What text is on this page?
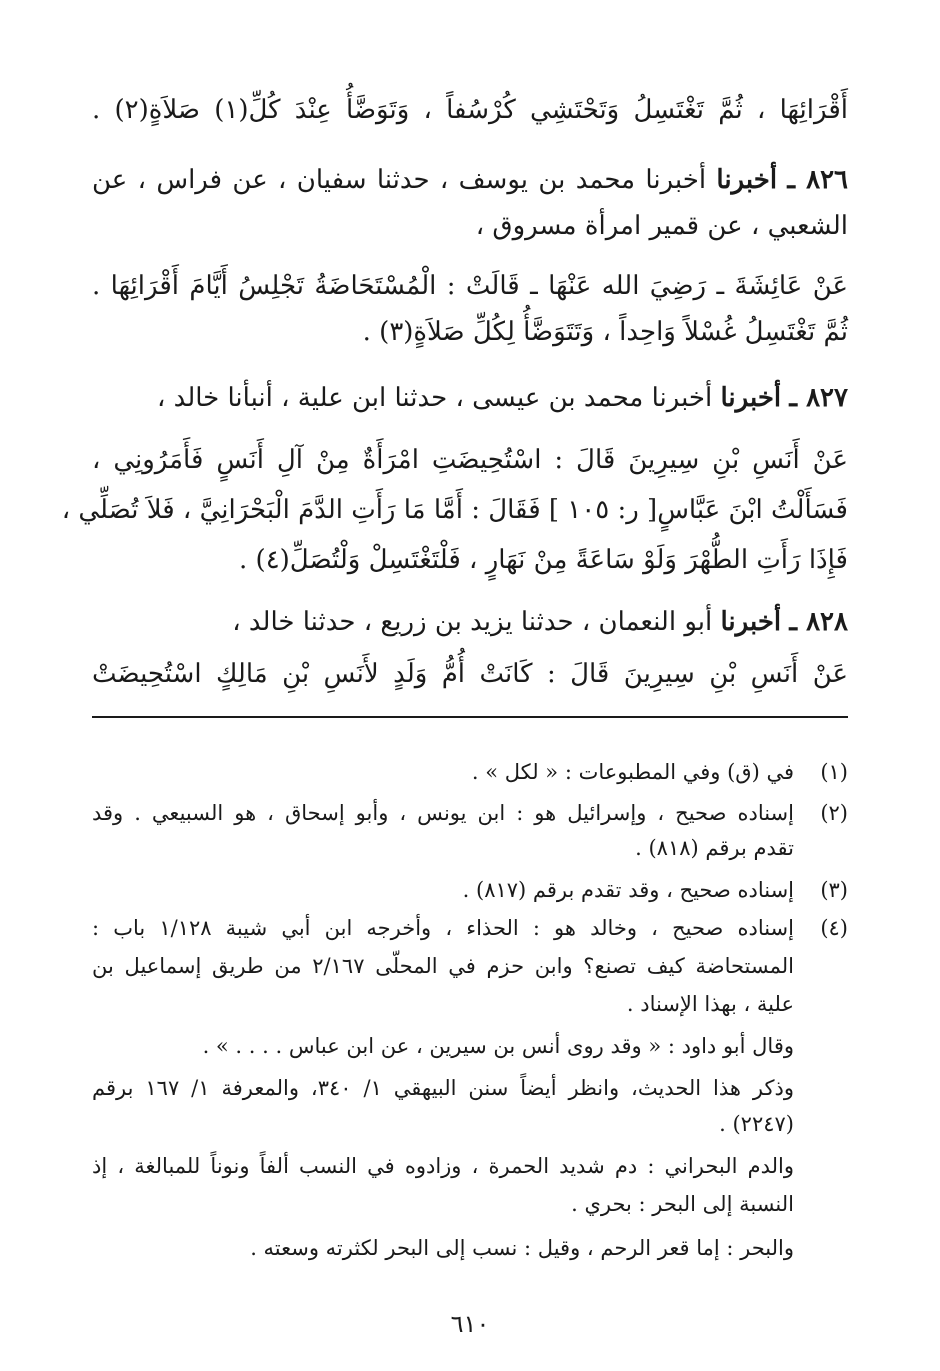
أَقْرَائِهَا ، ثُمَّ تَغْتَسِلُ وَتَحْتَشِي كُرْسُفاً ، وَتَوَضَّأُ عِنْدَ كُلِّ(١) صَلاَةٍ(٢) .
٨٢٦ ـ أخبرنا أخبرنا محمد بن يوسف ، حدثنا سفيان ، عن فراس ، عن
الشعبي ، عن قمير امرأة مسروق ،
عَنْ عَائِشَةَ ـ رَضِيَ الله عَنْهَا ـ قَالَتْ : الْمُسْتَحَاضَةُ تَجْلِسُ أَيَّامَ أَقْرَائِهَا .
ثُمَّ تَغْتَسِلُ غُسْلاً وَاحِداً ، وَتَتَوَضَّأُ لِكُلِّ صَلاَةٍ(٣) .
٨٢٧ ـ أخبرنا أخبرنا محمد بن عيسى ، حدثنا ابن علية ، أنبأنا خالد ،
عَنْ أَنَسِ بْنِ سِيرِينَ قَالَ : اسْتُحِيضَتِ امْرَأَةٌ مِنْ آلِ أَنَسٍ فَأَمَرُونِي ،
فَسَأَلْتُ ابْنَ عَبَّاسٍ[ ر: ١٠٥ ] فَقَالَ : أَمَّا مَا رَأَتِ الدَّمَ الْبَحْرَانِيَّ ، فَلاَ تُصَلِّي ،
فَإِذَا رَأَتِ الطُّهْرَ وَلَوْ سَاعَةً مِنْ نَهَارٍ ، فَلْتَغْتَسِلْ وَلْتُصَلِّ(٤) .
٨٢٨ ـ أخبرنا أبو النعمان ، حدثنا يزيد بن زريع ، حدثنا خالد ،
عَنْ أَنَسِ بْنِ سِيرِينَ قَالَ : كَانَتْ أُمُّ وَلَدٍ لأَنَسِ بْنِ مَالِكٍ اسْتُحِيضَتْ
(١)
في (ق) وفي المطبوعات : « لكل » .
(٢)
إسناده صحيح ، وإسرائيل هو : ابن يونس ، وأبو إسحاق ، هو السبيعي . وقد
تقدم برقم (٨١٨) .
(٣)
إسناده صحيح ، وقد تقدم برقم (٨١٧) .
(٤)
إسناده صحيح ، وخالد هو : الحذاء ، وأخرجه ابن أبي شيبة ١/١٢٨ باب :
المستحاضة كيف تصنع؟ وابن حزم في المحلّى ٢/١٦٧ من طريق إسماعيل بن
علية ، بهذا الإسناد .
وقال أبو داود : « وقد روى أنس بن سيرين ، عن ابن عباس . . . . » .
وذكر هذا الحديث، وانظر أيضاً سنن البيهقي ١/ ٣٤٠، والمعرفة ١/ ١٦٧ برقم
(٢٢٤٧) .
والدم البحراني : دم شديد الحمرة ، وزادوه في النسب ألفاً ونوناً للمبالغة ، إذ
النسبة إلى البحر : بحري .
والبحر : إما قعر الرحم ، وقيل : نسب إلى البحر لكثرته وسعته .
٦١٠
